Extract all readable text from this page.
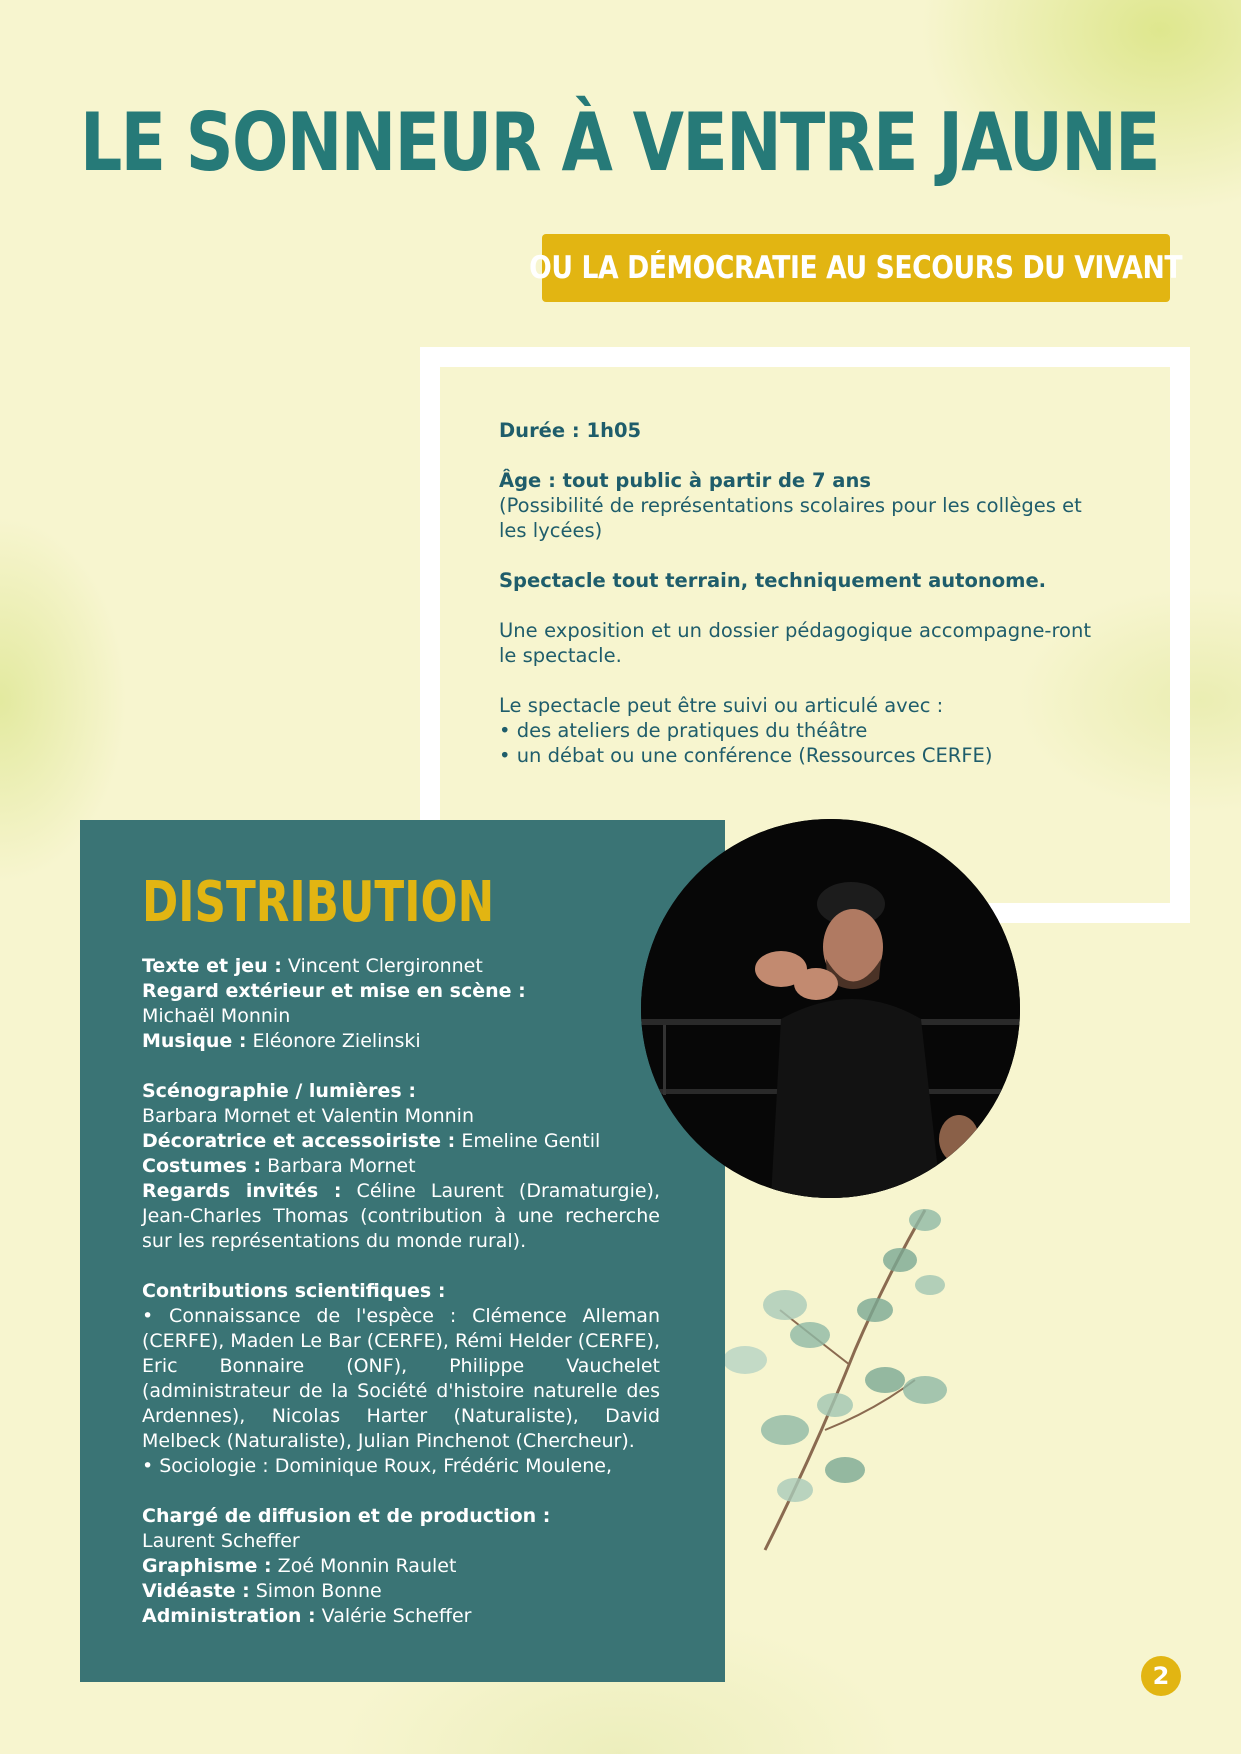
LE SONNEUR À VENTRE JAUNE
OU LA DÉMOCRATIE AU SECOURS DU VIVANT

Durée : 1h05

Âge : tout public à partir de 7 ans
(Possibilité de représentations scolaires pour les collèges et les lycées)

Spectacle tout terrain, techniquement autonome.

Une exposition et un dossier pédagogique accompagne-ront le spectacle.

Le spectacle peut être suivi ou articulé avec :
• des ateliers de pratiques du théâtre
• un débat ou une conférence (Ressources CERFE)

DISTRIBUTION

Texte et jeu : Vincent Clergironnet
Regard extérieur et mise en scène :
Michaël Monnin
Musique : Eléonore Zielinski

Scénographie / lumières :
Barbara Mornet et Valentin Monnin
Décoratrice et accessoiriste : Emeline Gentil
Costumes : Barbara Mornet
Regards invités : Céline Laurent (Dramaturgie), Jean-Charles Thomas (contribution à une recherche sur les représentations du monde rural).

Contributions scientifiques :
• Connaissance de l'espèce : Clémence Alleman (CERFE), Maden Le Bar (CERFE), Rémi Helder (CERFE), Eric Bonnaire (ONF), Philippe Vauchelet (administrateur de la Société d'histoire naturelle des Ardennes), Nicolas Harter (Naturaliste), David Melbeck (Naturaliste), Julian Pinchenot (Chercheur).
• Sociologie : Dominique Roux, Frédéric Moulene,

Chargé de diffusion et de production :
Laurent Scheffer
Graphisme : Zoé Monnin Raulet
Vidéaste : Simon Bonne
Administration : Valérie Scheffer

2
